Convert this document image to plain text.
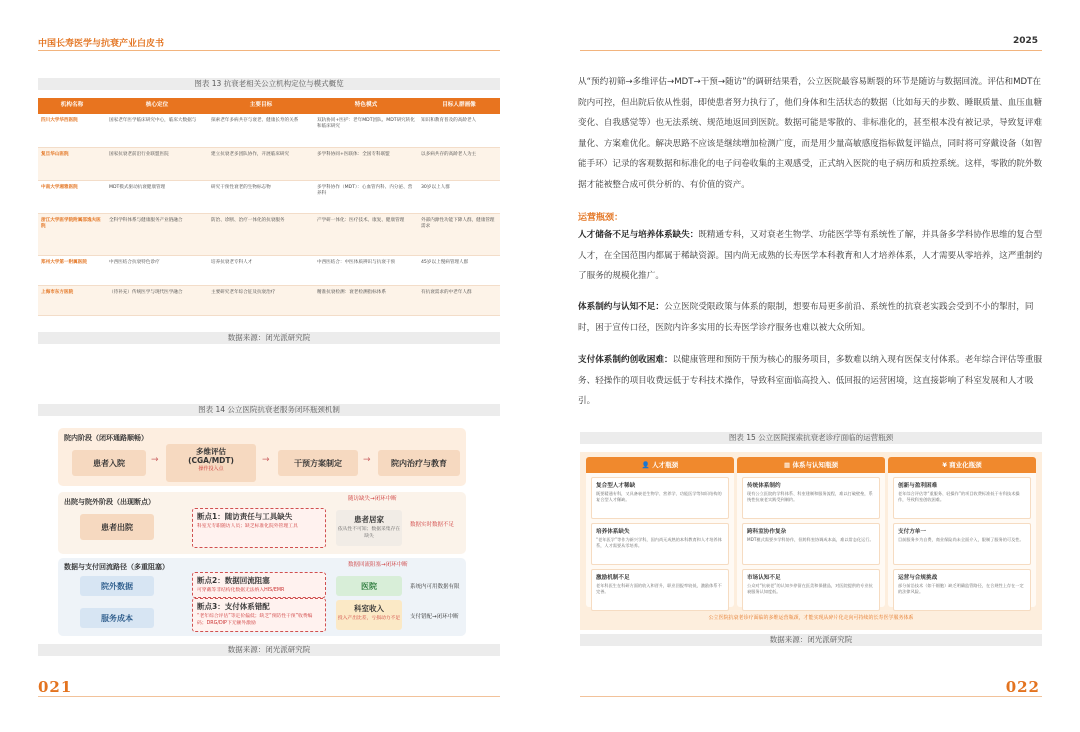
中国长寿医学与抗衰产业白皮书	2025
图表 13 抗衰老相关公立机构定位与模式概览
机构名称	核心定位	主要目标	特色模式	目标人群画像
四川大学华西医院	国家老年医学临床研究中心，临床大数据与	探索老年多病共存与衰老、健康长寿的关系	双轨协同+医护：老年MDT团队、MDT研究转化和临床研究	知识和教育普及的高龄老人
复旦华山医院	国家抗衰老前沿行业联盟医院	建立抗衰老多团队协作，开展临床研究	多学科协同+医联体：全国专科联盟	以多病共存的高龄老人为主
中南大学湘雅医院	MDT模式驱动抗衰健康管理	研究干预性衰老的生物标志物	多学科协作（MDT）：心血管内科、内分泌、营养科	30岁以上人群
浙江大学医学院附属邵逸夫医院	全科学科体系与健康服务产业链融合	防治、诊断、治疗一体化的抗衰服务	产学研一体化：医疗技术、康复、健康管理	外部内源性功能下降人群，健康管理需求
郑州大学第一附属医院	中西医结合抗衰特色诊疗	培养抗衰老专科人才	中西医结合：中医体质辨识与抗衰干预	45岁以上慢病管理人群
上海市东方医院	（待补充）传统医学与现代医学融合	主要研究老年综合征及抗衰治疗	精准抗衰检测：衰老检测指标体系	有抗衰需求的中老年人群
数据来源：闭光派研究院
图表 14 公立医院抗衰老服务闭环瓶颈机制
院内阶段（闭环通路顺畅）
患者入院	→
多维评估
(CGA/MDT)
操作投入点
→	干预方案制定	→	院内治疗与教育
出院与院外阶段（出现断点）	随访缺失→闭环中断
患者出院
断点1：随访责任与工具缺失
科室无专职随访人员；缺乏标准化院外管理工具
患者居家
依从性不可知；数据采集存在缺失
数据实时数据不足
数据与支付回流路径（多重阻塞）	数据回流阻塞→闭环中断
院外数据
服务成本
断点2：数据回流阻塞
可穿戴等非结构化数据无法纳入HIS/EMR
断点3：支付体系错配
“老年综合评估”等定价偏低；缺乏“预防性干预”收费编码；DRG/DIP下无额外激励
医院
科室收入
投入产出比差，亏损动力不足
系统内可用数据有限
支付错配→闭环中断
数据来源：闭光派研究院
021
从“预约初筛→多维评估→MDT→干预→随访”的调研结果看，公立医院最容易断裂的环节是随访与数据回流。评估和MDT在院内可控，但出院后依从性弱，即使患者努力执行了，他们身体和生活状态的数据（比如每天的步数、睡眠质量、血压血糖变化、自我感觉等）也无法系统、规范地返回到医院。数据可能是零散的、非标准化的，甚至根本没有被记录，导致复评难量化、方案难优化。解决思路不应该是继续增加检测广度，而是用少量高敏感度指标做复评锚点，同时将可穿戴设备（如智能手环）记录的客观数据和标准化的电子问卷收集的主观感受，正式纳入医院的电子病历和质控系统。这样，零散的院外数据才能被整合成可供分析的、有价值的资产。
运营瓶颈：
人才储备不足与培养体系缺失：既精通专科，又对衰老生物学、功能医学等有系统性了解，并具备多学科协作思维的复合型人才，在全国范围内都属于稀缺资源。国内尚无成熟的长寿医学本科教育和人才培养体系，人才需要从零培养，这严重制约了服务的规模化推广。
体系制约与认知不足：公立医院受限政策与体系的限制，想要布局更多前沿、系统性的抗衰老实践会受到不小的掣肘，同时，困于宣传口径，医院内许多实用的长寿医学诊疗服务也难以被大众所知。
支付体系制约创收困难：以健康管理和预防干预为核心的服务项目，多数难以纳入现有医保支付体系。老年综合评估等重服务、轻操作的项目收费远低于专科技术操作，导致科室面临高投入、低回报的运营困境，这直接影响了科室发展和人才吸引。
图表 15 公立医院探索抗衰老诊疗面临的运营瓶颈
👤 人才瓶颈
复合型人才稀缺
既要精通专科，又具备衰老生物学、营养学、功能医学等知识结构的复合型人才稀缺。
培养体系缺失
“老年医学”等作为新兴学科，国内尚无成熟的本科教育和人才培养体系，人才需要从零培养。
激励机制不足
老年科医生在科研方面的收入和晋升，职业回报率较低，激励体系不完善。
▦ 体系与认知瓶颈
传统体系制约
现有公立医院的学科体系、科室建制和服务流程，难以打破壁垒，系统性抗衰老实践受到制约。
跨科室协作复杂
MDT模式需要多学科协作，但跨科室协调成本高，难以常态化运行。
市场认知不足
公众对“抗衰老”的认知多停留在医美和保健品，对医院提供的专业抗衰服务认知度低。
¥ 商业化瓶颈
创新与盈利困难
老年综合评估等“重服务、轻操作”的项目收费标准低于专科技术操作，导致科室创收困难。
支付方单一
目前服务多为自费，商业保险尚未全面介入，限制了服务的可及性。
运营与合规挑战
部分前沿技术（如干细胞）缺乏明确监管路径，在合规性上存在一定的法律风险。
公立医院抗衰老诊疗面临的多维运营瓶颈，才能实现从碎片化走向可持续的长寿医学服务体系
数据来源：闭光派研究院
022
